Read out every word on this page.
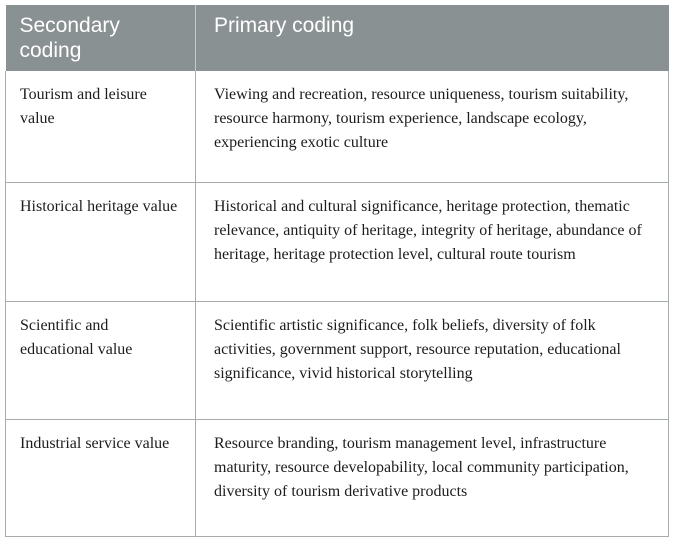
Secondary coding	Primary coding
Tourism and leisure value	Viewing and recreation, resource uniqueness, tourism suitability, resource harmony, tourism experience, landscape ecology, experiencing exotic culture
Historical heritage value	Historical and cultural significance, heritage protection, thematic relevance, antiquity of heritage, integrity of heritage, abundance of heritage, heritage protection level, cultural route tourism
Scientific and educational value	Scientific artistic significance, folk beliefs, diversity of folk activities, government support, resource reputation, educational significance, vivid historical storytelling
Industrial service value	Resource branding, tourism management level, infrastructure maturity, resource developability, local community participation, diversity of tourism derivative products
